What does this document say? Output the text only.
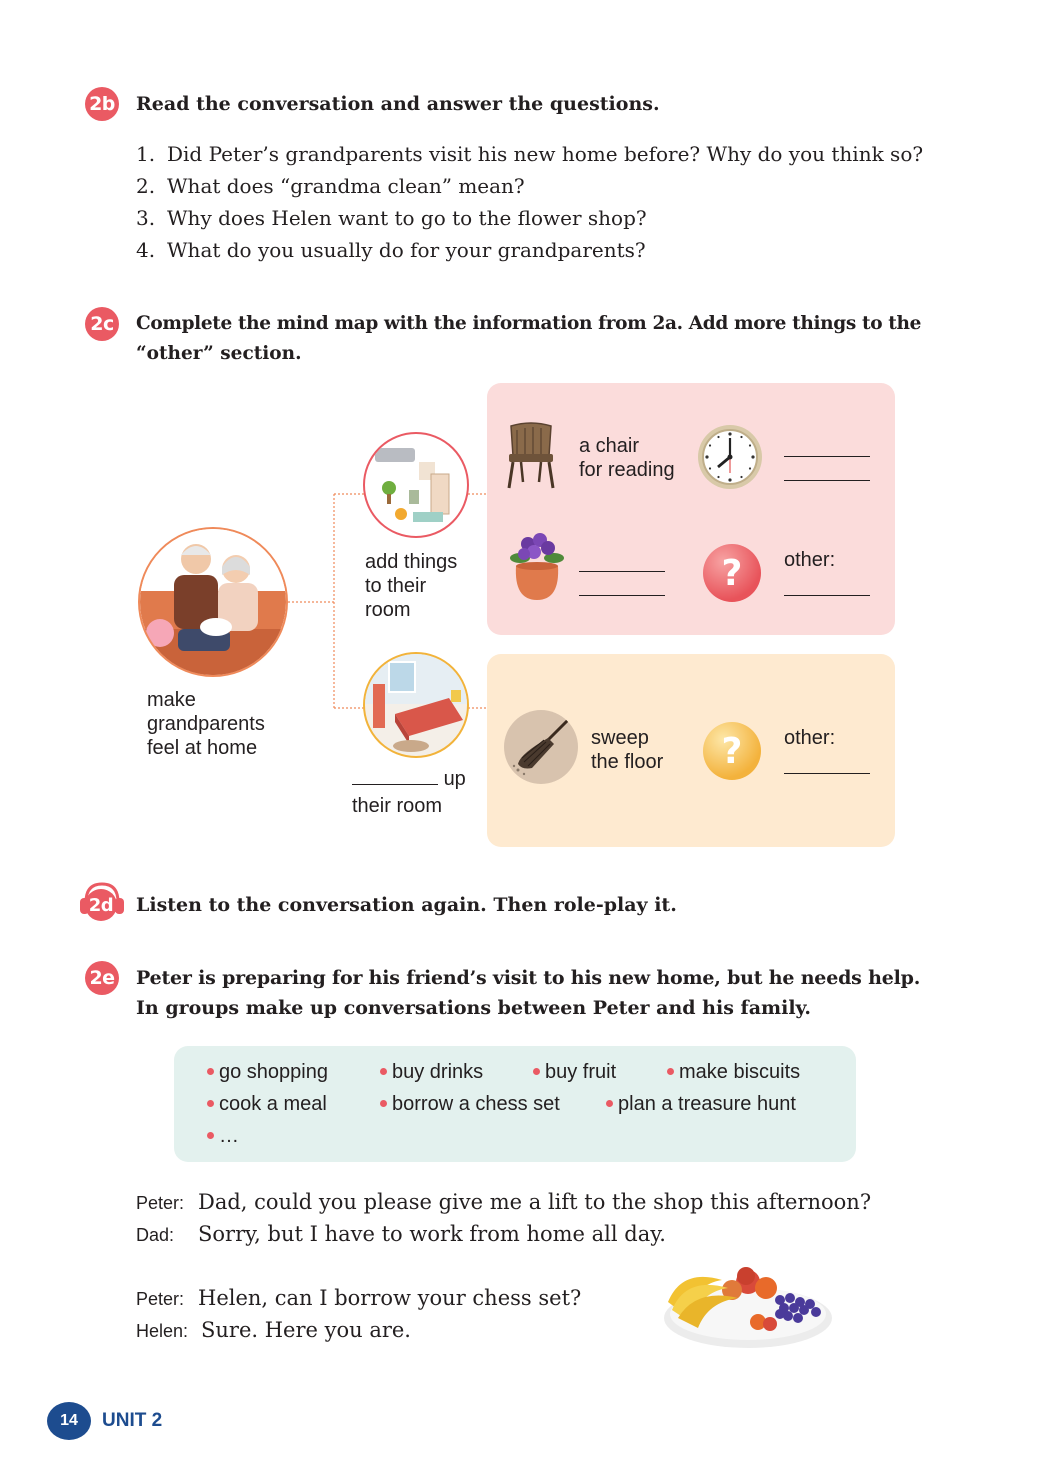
2b Read the conversation and answer the questions.
1. Did Peter’s grandparents visit his new home before? Why do you think so?
2. What does “grandma clean” mean?
3. Why does Helen want to go to the flower shop?
4. What do you usually do for your grandparents?
2c Complete the mind map with the information from 2a. Add more things to the
“other” section.
make
grandparents
feel at home
add things
to their
room
up
their room
a chair
for reading
?	other:
sweep
the floor	?	other:
2d Listen to the conversation again. Then role-play it.
2e Peter is preparing for his friend’s visit to his new home, but he needs help.
In groups make up conversations between Peter and his family.
go shopping	buy drinks	buy fruit	make biscuits
cook a meal	borrow a chess set	plan a treasure hunt
…
Peter: Dad, could you please give me a lift to the shop this afternoon?
Dad: Sorry, but I have to work from home all day.
Peter: Helen, can I borrow your chess set?
Helen: Sure. Here you are.
14	UNIT 2
